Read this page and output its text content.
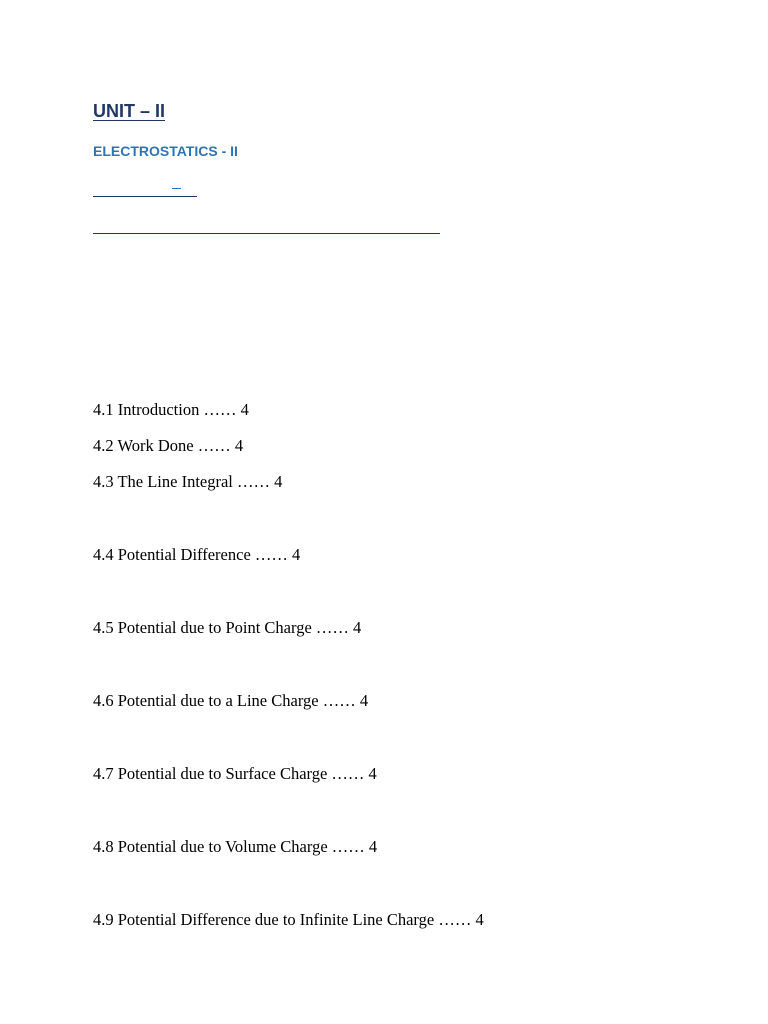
UNIT – II
ELECTROSTATICS - II
4.1 Introduction …… 4
4.2 Work Done …… 4
4.3 The Line Integral …… 4
4.4 Potential Difference …… 4
4.5 Potential due to Point Charge …… 4
4.6 Potential due to a Line Charge …… 4
4.7 Potential due to Surface Charge …… 4
4.8 Potential due to Volume Charge …… 4
4.9 Potential Difference due to Infinite Line Charge …… 4
